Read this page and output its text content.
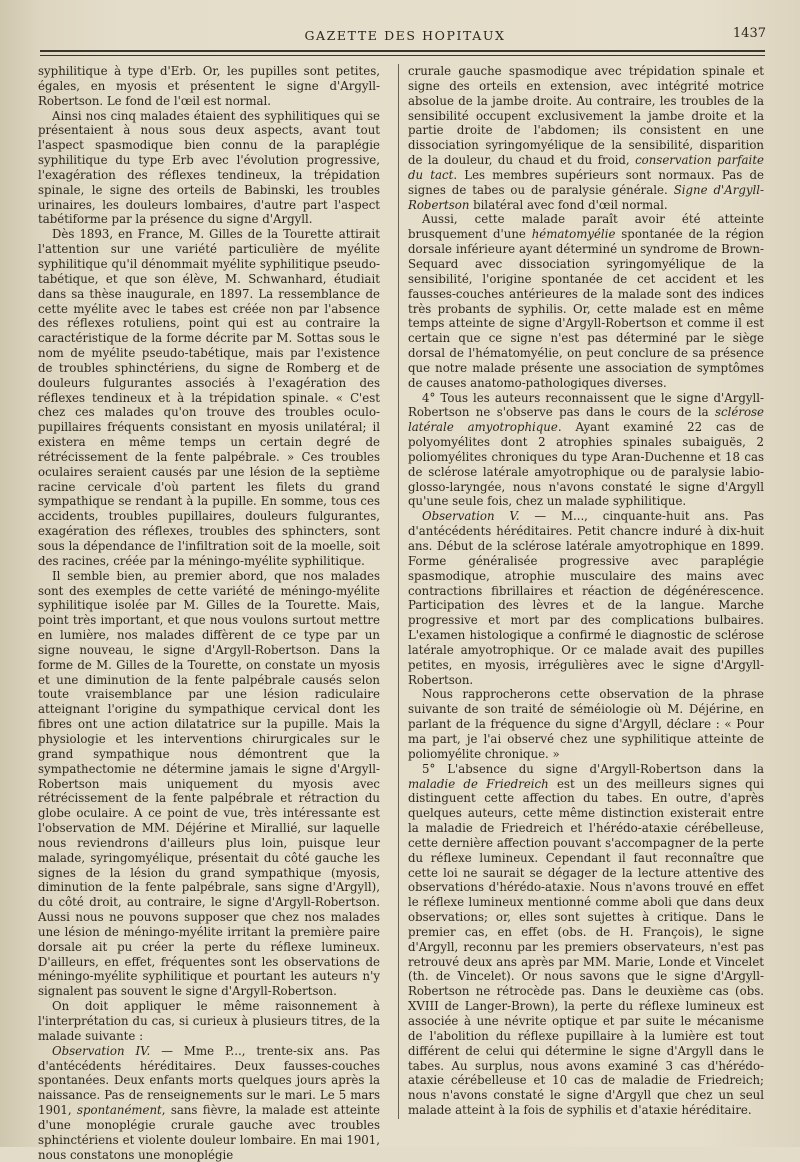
GAZETTE DES HOPITAUX	1437

syphilitique à type d'Erb. Or, les pupilles sont petites, égales, en myosis et présentent le signe d'Argyll-Robertson. Le fond de l'œil est normal.

Ainsi nos cinq malades étaient des syphilitiques qui se présentaient à nous sous deux aspects, avant tout l'aspect spasmodique bien connu de la paraplégie syphilitique du type Erb avec l'évolution progressive, l'exagération des réflexes tendineux, la trépidation spinale, le signe des orteils de Babinski, les troubles urinaires, les douleurs lombaires, d'autre part l'aspect tabétiforme par la présence du signe d'Argyll.

Dès 1893, en France, M. Gilles de la Tourette attirait l'attention sur une variété particulière de myélite syphilitique qu'il dénommait myélite syphilitique pseudo-tabétique, et que son élève, M. Schwanhard, étudiait dans sa thèse inaugurale, en 1897. La ressemblance de cette myélite avec le tabes est créée non par l'absence des réflexes rotuliens, point qui est au contraire la caractéristique de la forme décrite par M. Sottas sous le nom de myélite pseudo-tabétique, mais par l'existence de troubles sphinctériens, du signe de Romberg et de douleurs fulgurantes associés à l'exagération des réflexes tendineux et à la trépidation spinale. « C'est chez ces malades qu'on trouve des troubles oculo-pupillaires fréquents consistant en myosis unilatéral; il existera en même temps un certain degré de rétrécissement de la fente palpébrale. » Ces troubles oculaires seraient causés par une lésion de la septième racine cervicale d'où partent les filets du grand sympathique se rendant à la pupille. En somme, tous ces accidents, troubles pupillaires, douleurs fulgurantes, exagération des réflexes, troubles des sphincters, sont sous la dépendance de l'infiltration soit de la moelle, soit des racines, créée par la méningo-myélite syphilitique.

Il semble bien, au premier abord, que nos malades sont des exemples de cette variété de méningo-myélite syphilitique isolée par M. Gilles de la Tourette. Mais, point très important, et que nous voulons surtout mettre en lumière, nos malades diffèrent de ce type par un signe nouveau, le signe d'Argyll-Robertson. Dans la forme de M. Gilles de la Tourette, on constate un myosis et une diminution de la fente palpébrale causés selon toute vraisemblance par une lésion radiculaire atteignant l'origine du sympathique cervical dont les fibres ont une action dilatatrice sur la pupille. Mais la physiologie et les interventions chirurgicales sur le grand sympathique nous démontrent que la sympathectomie ne détermine jamais le signe d'Argyll-Robertson mais uniquement du myosis avec rétrécissement de la fente palpébrale et rétraction du globe oculaire. A ce point de vue, très intéressante est l'observation de MM. Déjérine et Mirallié, sur laquelle nous reviendrons d'ailleurs plus loin, puisque leur malade, syringomyélique, présentait du côté gauche les signes de la lésion du grand sympathique (myosis, diminution de la fente palpébrale, sans signe d'Argyll), du côté droit, au contraire, le signe d'Argyll-Robertson. Aussi nous ne pouvons supposer que chez nos malades une lésion de méningo-myélite irritant la première paire dorsale ait pu créer la perte du réflexe lumineux. D'ailleurs, en effet, fréquentes sont les observations de méningo-myélite syphilitique et pourtant les auteurs n'y signalent pas souvent le signe d'Argyll-Robertson.

On doit appliquer le même raisonnement à l'interprétation du cas, si curieux à plusieurs titres, de la malade suivante :

Observation IV. — Mme P..., trente-six ans. Pas d'antécédents héréditaires. Deux fausses-couches spontanées. Deux enfants morts quelques jours après la naissance. Pas de renseignements sur le mari. Le 5 mars 1901, spontanément, sans fièvre, la malade est atteinte d'une monoplégie crurale gauche avec troubles sphinctériens et violente douleur lombaire. En mai 1901, nous constatons une monoplégie

crurale gauche spasmodique avec trépidation spinale et signe des orteils en extension, avec intégrité motrice absolue de la jambe droite. Au contraire, les troubles de la sensibilité occupent exclusivement la jambe droite et la partie droite de l'abdomen; ils consistent en une dissociation syringomyélique de la sensibilité, disparition de la douleur, du chaud et du froid, conservation parfaite du tact. Les membres supérieurs sont normaux. Pas de signes de tabes ou de paralysie générale. Signe d'Argyll-Robertson bilatéral avec fond d'œil normal.

Aussi, cette malade paraît avoir été atteinte brusquement d'une hématomyélie spontanée de la région dorsale inférieure ayant déterminé un syndrome de Brown-Sequard avec dissociation syringomyélique de la sensibilité, l'origine spontanée de cet accident et les fausses-couches antérieures de la malade sont des indices très probants de syphilis. Or, cette malade est en même temps atteinte de signe d'Argyll-Robertson et comme il est certain que ce signe n'est pas déterminé par le siège dorsal de l'hématomyélie, on peut conclure de sa présence que notre malade présente une association de symptômes de causes anatomo-pathologiques diverses.

4° Tous les auteurs reconnaissent que le signe d'Argyll-Robertson ne s'observe pas dans le cours de la sclérose latérale amyotrophique. Ayant examiné 22 cas de polyomyélites dont 2 atrophies spinales subaiguës, 2 poliomyélites chroniques du type Aran-Duchenne et 18 cas de sclérose latérale amyotrophique ou de paralysie labio-glosso-laryngée, nous n'avons constaté le signe d'Argyll qu'une seule fois, chez un malade syphilitique.

Observation V. — M..., cinquante-huit ans. Pas d'antécédents héréditaires. Petit chancre induré à dix-huit ans. Début de la sclérose latérale amyotrophique en 1899. Forme généralisée progressive avec paraplégie spasmodique, atrophie musculaire des mains avec contractions fibrillaires et réaction de dégénérescence. Participation des lèvres et de la langue. Marche progressive et mort par des complications bulbaires. L'examen histologique a confirmé le diagnostic de sclérose latérale amyotrophique. Or ce malade avait des pupilles petites, en myosis, irrégulières avec le signe d'Argyll-Robertson.

Nous rapprocherons cette observation de la phrase suivante de son traité de séméiologie où M. Déjérine, en parlant de la fréquence du signe d'Argyll, déclare : « Pour ma part, je l'ai observé chez une syphilitique atteinte de poliomyélite chronique. »

5° L'absence du signe d'Argyll-Robertson dans la maladie de Friedreich est un des meilleurs signes qui distinguent cette affection du tabes. En outre, d'après quelques auteurs, cette même distinction existerait entre la maladie de Friedreich et l'hérédo-ataxie cérébelleuse, cette dernière affection pouvant s'accompagner de la perte du réflexe lumineux. Cependant il faut reconnaître que cette loi ne saurait se dégager de la lecture attentive des observations d'hérédo-ataxie. Nous n'avons trouvé en effet le réflexe lumineux mentionné comme aboli que dans deux observations; or, elles sont sujettes à critique. Dans le premier cas, en effet (obs. de H. François), le signe d'Argyll, reconnu par les premiers observateurs, n'est pas retrouvé deux ans après par MM. Marie, Londe et Vincelet (th. de Vincelet). Or nous savons que le signe d'Argyll-Robertson ne rétrocède pas. Dans le deuxième cas (obs. XVIII de Langer-Brown), la perte du réflexe lumineux est associée à une névrite optique et par suite le mécanisme de l'abolition du réflexe pupillaire à la lumière est tout différent de celui qui détermine le signe d'Argyll dans le tabes. Au surplus, nous avons examiné 3 cas d'hérédo-ataxie cérébelleuse et 10 cas de maladie de Friedreich; nous n'avons constaté le signe d'Argyll que chez un seul malade atteint à la fois de syphilis et d'ataxie héréditaire.
